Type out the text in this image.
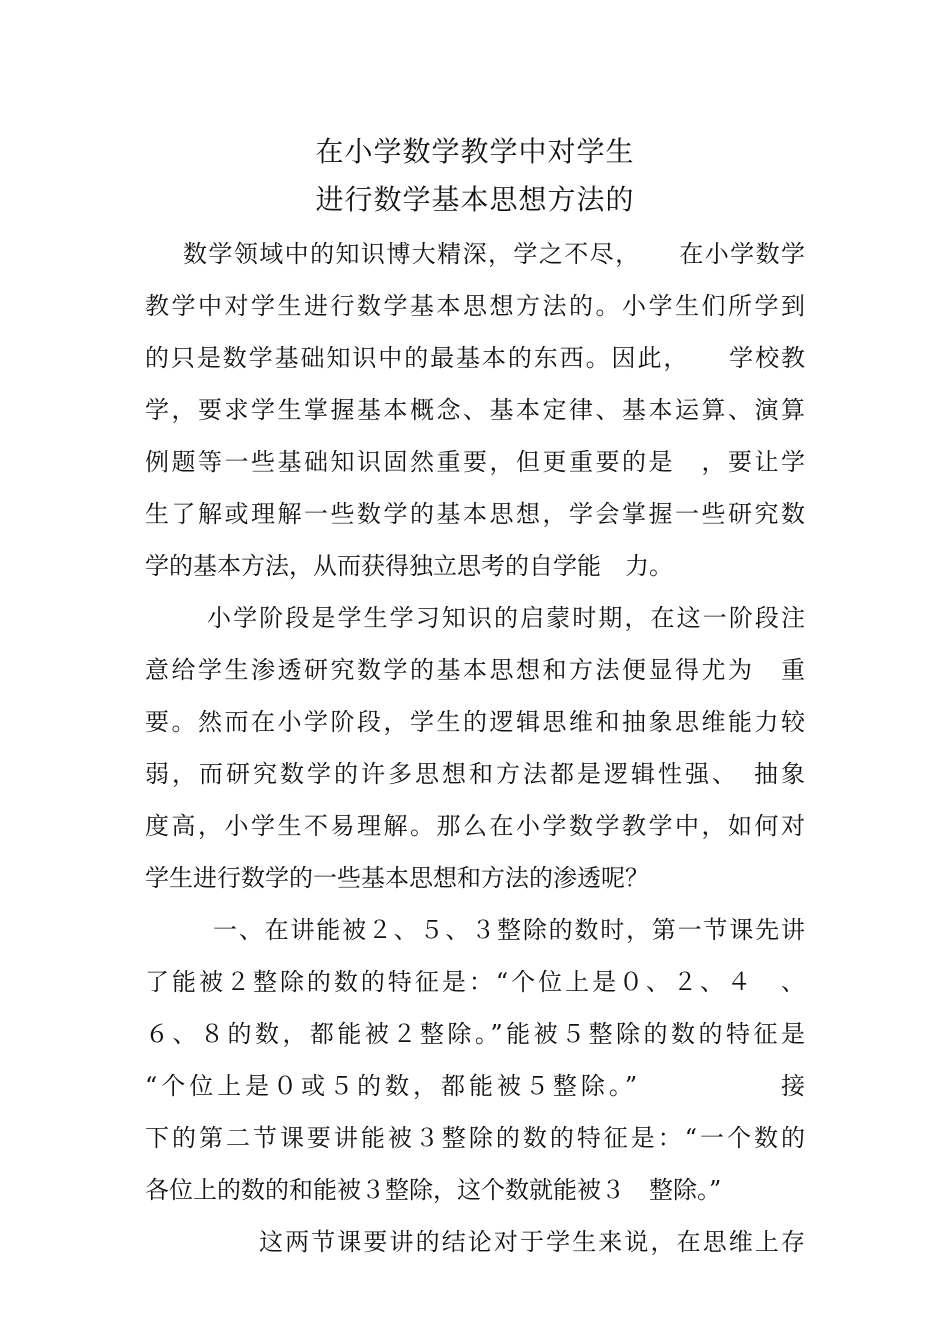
在小学数学教学中对学生
进行数学基本思想方法的
数学领域中的知识博大精深，学之不尽，　　在小学数学
教学中对学生进行数学基本思想方法的。小学生们所学到
的只是数学基础知识中的最基本的东西。因此，　　学校教
学，要求学生掌握基本概念、基本定律、基本运算、演算
例题等一些基础知识固然重要，但更重要的是　，要让学
生了解或理解一些数学的基本思想，学会掌握一些研究数
学的基本方法，从而获得独立思考的自学能　力。
小学阶段是学生学习知识的启蒙时期，在这一阶段注
意给学生渗透研究数学的基本思想和方法便显得尤为　重
要。然而在小学阶段，学生的逻辑思维和抽象思维能力较
弱，而研究数学的许多思想和方法都是逻辑性强、　抽象
度高，小学生不易理解。那么在小学数学教学中，如何对
学生进行数学的一些基本思想和方法的渗透呢？
一、在讲能被２、５、３整除的数时，第一节课先讲
了能被２整除的数的特征是：“个位上是０、２、４　、
６、８的数，都能被２整除。”能被５整除的数的特征是
“个位上是０或５的数，都能被５整除。”　　　　　接
下的第二节课要讲能被３整除的数的特征是：“一个数的
各位上的数的和能被３整除，这个数就能被３　整除。”
这两节课要讲的结论对于学生来说，在思维上存
